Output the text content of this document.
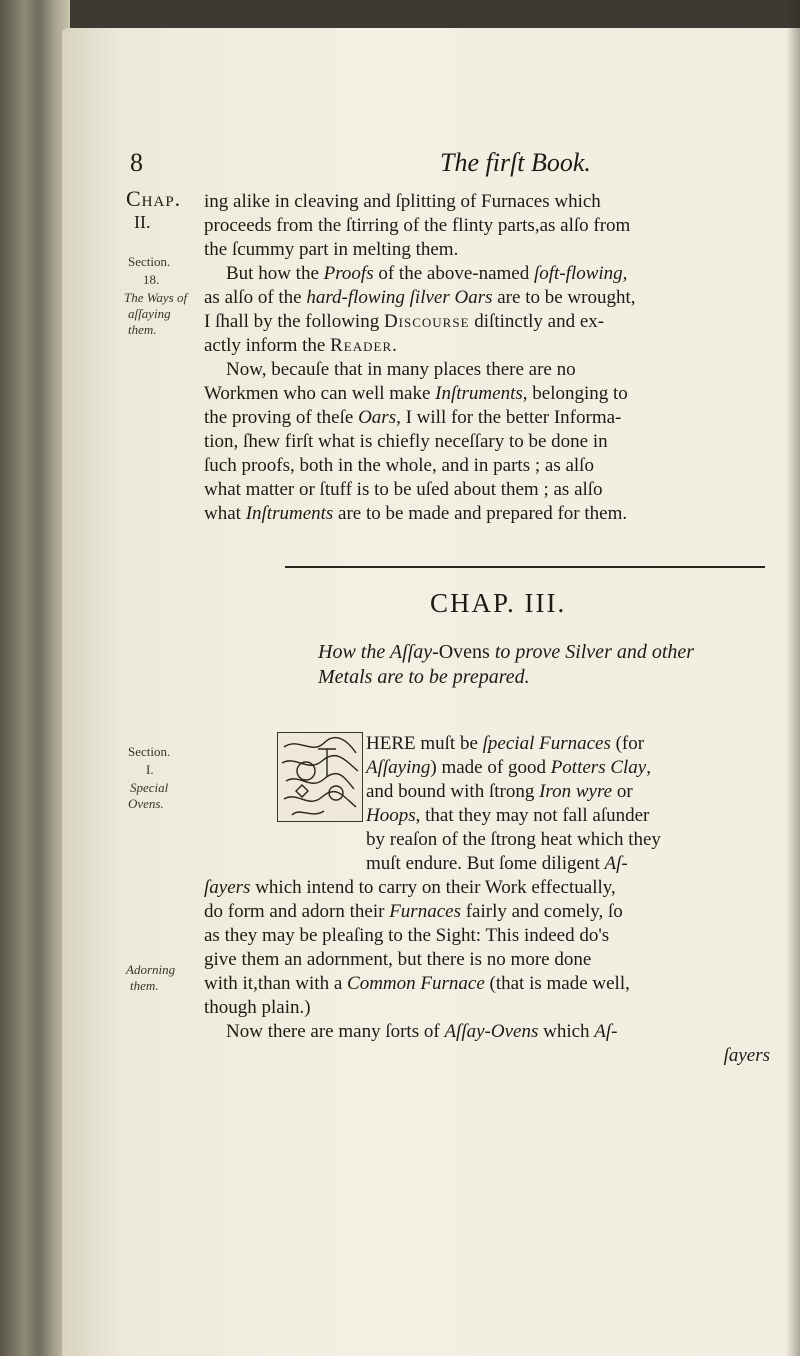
8	The firſt Book.
Chap.
II.
Section.
18.
The Ways of
aſſaying
them.

ing alike in cleaving and ſplitting of Furnaces which

proceeds from the ſtirring of the flinty parts,as alſo from

the ſcummy part in melting them.

But how the Proofs of the above-named ſoft-flowing,

as alſo of the hard-flowing ſilver Oars are to be wrought,

I ſhall by the following Discourse diſtinctly and ex-

actly inform the Reader.

Now, becauſe that in many places there are no

Workmen who can well make Inſtruments, belonging to

the proving of theſe Oars, I will for the better Informa-

tion, ſhew firſt what is chiefly neceſſary to be done in

ſuch proofs, both in the whole, and in parts ; as alſo

what matter or ſtuff is to be uſed about them ; as alſo

what Inſtruments are to be made and prepared for them.

CHAP. III.
How the Aſſay-Ovens to prove Silver and other
Metals are to be prepared.
Section.
I.
Special
Ovens.
Adorning
them.

HERE muſt be ſpecial Furnaces (for

Aſſaying) made of good Potters Clay,

and bound with ſtrong Iron wyre or

Hoops, that they may not fall aſunder

by reaſon of the ſtrong heat which they

muſt endure. But ſome diligent Aſ-

ſayers which intend to carry on their Work effectually,

do form and adorn their Furnaces fairly and comely, ſo

as they may be pleaſing to the Sight: This indeed do's

give them an adornment, but there is no more done

with it,than with a Common Furnace (that is made well,

though plain.)

Now there are many ſorts of Aſſay-Ovens which Aſ-

ſayers
